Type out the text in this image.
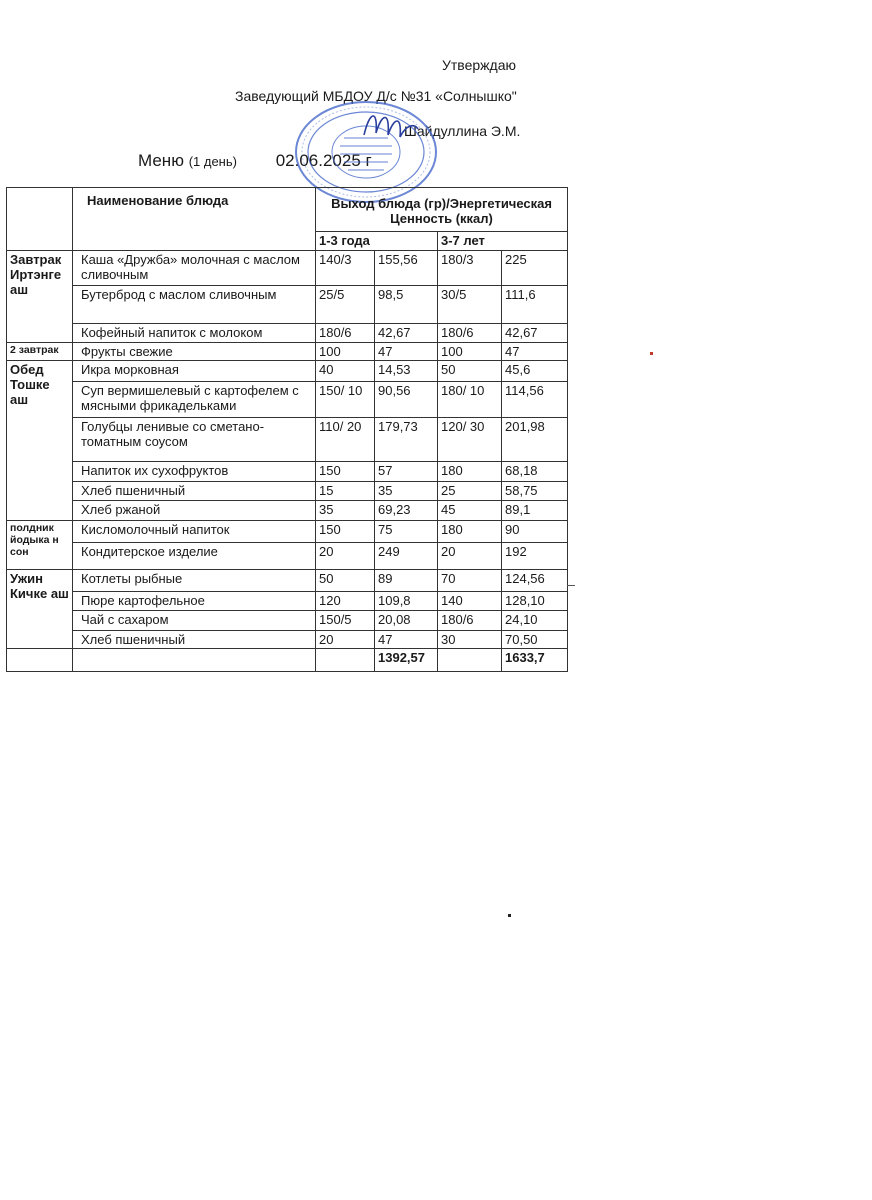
Утверждаю
Заведующий МБДОУ Д/с №31 «Солнышко"
Шайдуллина Э.М.
Меню (1 день) 02.06.2025 г
	Наименование блюда	Выход блюда (гр)/Энергетическая Ценность (ккал)			
		1-3 года		3-7 лет	
Завтрак Иртэнге аш	Каша «Дружба» молочная с маслом сливочным	140/3	155,56	180/3	225
	Бутерброд с маслом сливочным	25/5	98,5	30/5	111,6
	Кофейный напиток с молоком	180/6	42,67	180/6	42,67
2 завтрак	Фрукты свежие	100	47	100	47
Обед Тошке аш	Икра морковная	40	14,53	50	45,6
	Суп вермишелевый с картофелем с мясными фрикадельками	150/ 10	90,56	180/ 10	114,56
	Голубцы ленивые со сметано-томатным соусом	110/ 20	179,73	120/ 30	201,98
	Напиток их сухофруктов	150	57	180	68,18
	Хлеб пшеничный	15	35	25	58,75
	Хлеб ржаной	35	69,23	45	89,1
полдник йодыка н сон	Кисломолочный напиток	150	75	180	90
	Кондитерское изделие	20	249	20	192
Ужин Кичке аш	Котлеты рыбные	50	89	70	124,56
	Пюре картофельное	120	109,8	140	128,10
	Чай с сахаром	150/5	20,08	180/6	24,10
	Хлеб пшеничный	20	47	30	70,50
			1392,57		1633,7
